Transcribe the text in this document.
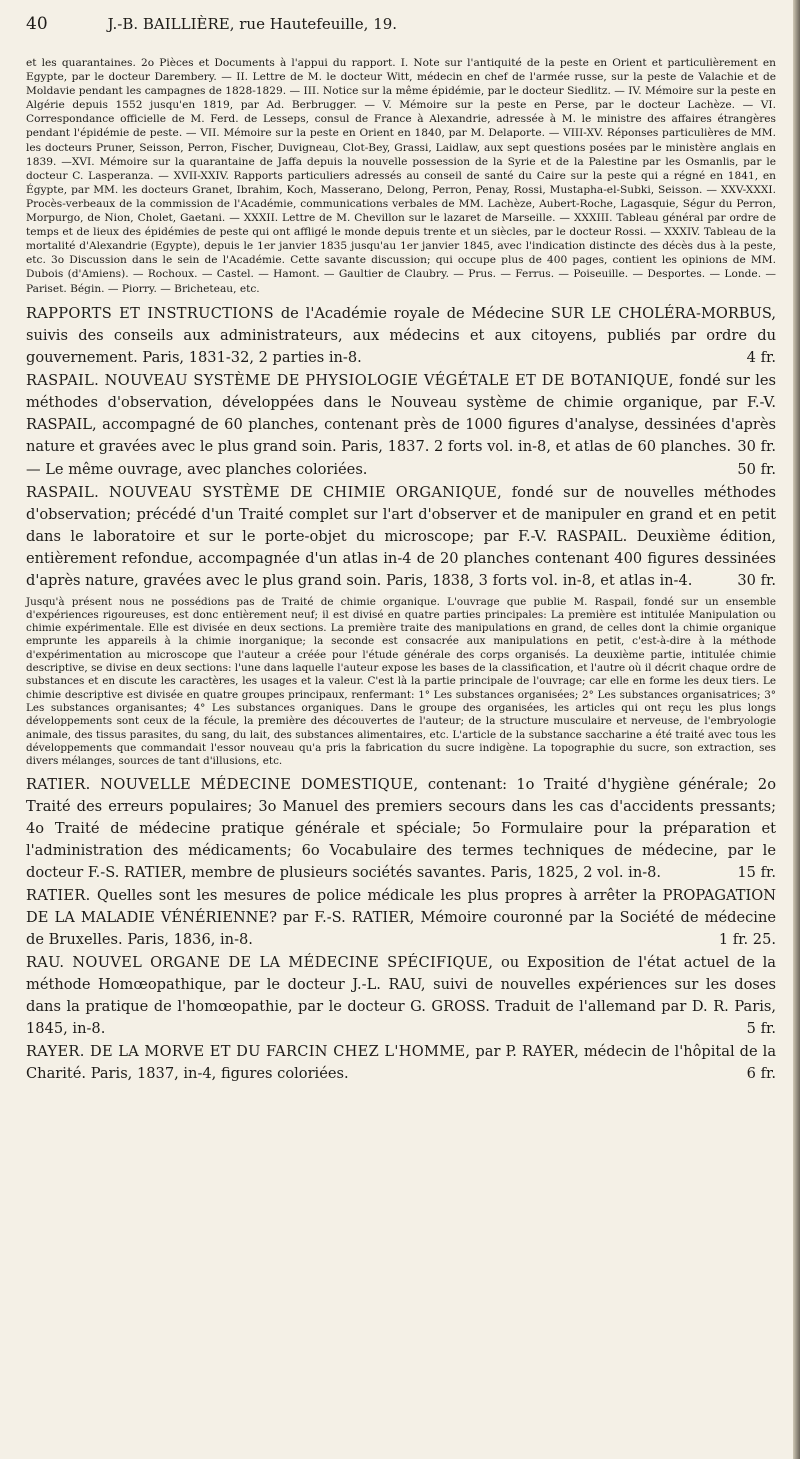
40	J.-B. BAILLIÈRE, rue Hautefeuille, 19.

et les quarantaines. 2o Pièces et Documents à l'appui du rapport. I. Note sur l'antiquité de la peste en Orient et particulièrement en Egypte, par le docteur Darembery. — II. Lettre de M. le docteur Witt, médecin en chef de l'armée russe, sur la peste de Valachie et de Moldavie pendant les campagnes de 1828-1829. — III. Notice sur la même épidémie, par le docteur Siedlitz. — IV. Mémoire sur la peste en Algérie depuis 1552 jusqu'en 1819, par Ad. Berbrugger. — V. Mémoire sur la peste en Perse, par le docteur Lachèze. — VI. Correspondance officielle de M. Ferd. de Lesseps, consul de France à Alexandrie, adressée à M. le ministre des affaires étrangères pendant l'épidémie de peste. — VII. Mémoire sur la peste en Orient en 1840, par M. Delaporte. — VIII-XV. Réponses particulières de MM. les docteurs Pruner, Seisson, Perron, Fischer, Duvigneau, Clot-Bey, Grassi, Laidlaw, aux sept questions posées par le ministère anglais en 1839. —XVI. Mémoire sur la quarantaine de Jaffa depuis la nouvelle possession de la Syrie et de la Palestine par les Osmanlis, par le docteur C. Lasperanza. — XVII-XXIV. Rapports particuliers adressés au conseil de santé du Caire sur la peste qui a régné en 1841, en Égypte, par MM. les docteurs Granet, Ibrahim, Koch, Masserano, Delong, Perron, Penay, Rossi, Mustapha-el-Subki, Seisson. — XXV-XXXI. Procès-verbeaux de la commission de l'Académie, communications verbales de MM. Lachèze, Aubert-Roche, Lagasquie, Ségur du Perron, Morpurgo, de Nion, Cholet, Gaetani. — XXXII. Lettre de M. Chevillon sur le lazaret de Marseille. — XXXIII. Tableau général par ordre de temps et de lieux des épidémies de peste qui ont affligé le monde depuis trente et un siècles, par le docteur Rossi. — XXXIV. Tableau de la mortalité d'Alexandrie (Egypte), depuis le 1er janvier 1835 jusqu'au 1er janvier 1845, avec l'indication distincte des décès dus à la peste, etc. 3o Discussion dans le sein de l'Académie. Cette savante discussion; qui occupe plus de 400 pages, contient les opinions de MM. Dubois (d'Amiens). — Rochoux. — Castel. — Hamont. — Gaultier de Claubry. — Prus. — Ferrus. — Poiseuille. — Desportes. — Londe. — Pariset. Bégin. — Piorry. — Bricheteau, etc.

RAPPORTS ET INSTRUCTIONS de l'Académie royale de Médecine SUR LE CHOLÉRA-MORBUS, suivis des conseils aux administrateurs, aux médecins et aux citoyens, publiés par ordre du gouvernement. Paris, 1831-32, 2 parties in-8.	4 fr.

RASPAIL. NOUVEAU SYSTÈME DE PHYSIOLOGIE VÉGÉTALE ET DE BOTANIQUE, fondé sur les méthodes d'observation, développées dans le Nouveau système de chimie organique, par F.-V. RASPAIL, accompagné de 60 planches, contenant près de 1000 figures d'analyse, dessinées d'après nature et gravées avec le plus grand soin. Paris, 1837. 2 forts vol. in-8, et atlas de 60 planches. 30 fr.

— Le même ouvrage, avec planches coloriées.	50 fr.

RASPAIL. NOUVEAU SYSTÈME DE CHIMIE ORGANIQUE, fondé sur de nouvelles méthodes d'observation; précédé d'un Traité complet sur l'art d'observer et de manipuler en grand et en petit dans le laboratoire et sur le porte-objet du microscope; par F.-V. RASPAIL. Deuxième édition, entièrement refondue, accompagnée d'un atlas in-4 de 20 planches contenant 400 figures dessinées d'après nature, gravées avec le plus grand soin. Paris, 1838, 3 forts vol. in-8, et atlas in-4.	30 fr.

Jusqu'à présent nous ne possédions pas de Traité de chimie organique. L'ouvrage que publie M. Raspail, fondé sur un ensemble d'expériences rigoureuses, est donc entièrement neuf; il est divisé en quatre parties principales: La première est intitulée Manipulation ou chimie expérimentale. Elle est divisée en deux sections. La première traite des manipulations en grand, de celles dont la chimie organique emprunte les appareils à la chimie inorganique; la seconde est consacrée aux manipulations en petit, c'est-à-dire à la méthode d'expérimentation au microscope que l'auteur a créée pour l'étude générale des corps organisés. La deuxième partie, intitulée chimie descriptive, se divise en deux sections: l'une dans laquelle l'auteur expose les bases de la classification, et l'autre où il décrit chaque ordre de substances et en discute les caractères, les usages et la valeur. C'est là la partie principale de l'ouvrage; car elle en forme les deux tiers. Le chimie descriptive est divisée en quatre groupes principaux, renfermant: 1° Les substances organisées; 2° Les substances organisatrices; 3° Les substances organisantes; 4° Les substances organiques. Dans le groupe des organisées, les articles qui ont reçu les plus longs développements sont ceux de la fécule, la première des découvertes de l'auteur; de la structure musculaire et nerveuse, de l'embryologie animale, des tissus parasites, du sang, du lait, des substances alimentaires, etc. L'article de la substance saccharine a été traité avec tous les développements que commandait l'essor nouveau qu'a pris la fabrication du sucre indigène. La topographie du sucre, son extraction, ses divers mélanges, sources de tant d'illusions, etc.

RATIER. NOUVELLE MÉDECINE DOMESTIQUE, contenant: 1o Traité d'hygiène générale; 2o Traité des erreurs populaires; 3o Manuel des premiers secours dans les cas d'accidents pressants; 4o Traité de médecine pratique générale et spéciale; 5o Formulaire pour la préparation et l'administration des médicaments; 6o Vocabulaire des termes techniques de médecine, par le docteur F.-S. RATIER, membre de plusieurs sociétés savantes. Paris, 1825, 2 vol. in-8.	15 fr.

RATIER. Quelles sont les mesures de police médicale les plus propres à arrêter la PROPAGATION DE LA MALADIE VÉNÉRIENNE? par F.-S. RATIER, Mémoire couronné par la Société de médecine de Bruxelles. Paris, 1836, in-8.	1 fr. 25.

RAU. NOUVEL ORGANE DE LA MÉDECINE SPÉCIFIQUE, ou Exposition de l'état actuel de la méthode Homœopathique, par le docteur J.-L. RAU, suivi de nouvelles expériences sur les doses dans la pratique de l'homœopathie, par le docteur G. GROSS. Traduit de l'allemand par D. R. Paris, 1845, in-8.	5 fr.

RAYER. DE LA MORVE ET DU FARCIN CHEZ L'HOMME, par P. RAYER, médecin de l'hôpital de la Charité. Paris, 1837, in-4, figures coloriées.	6 fr.
